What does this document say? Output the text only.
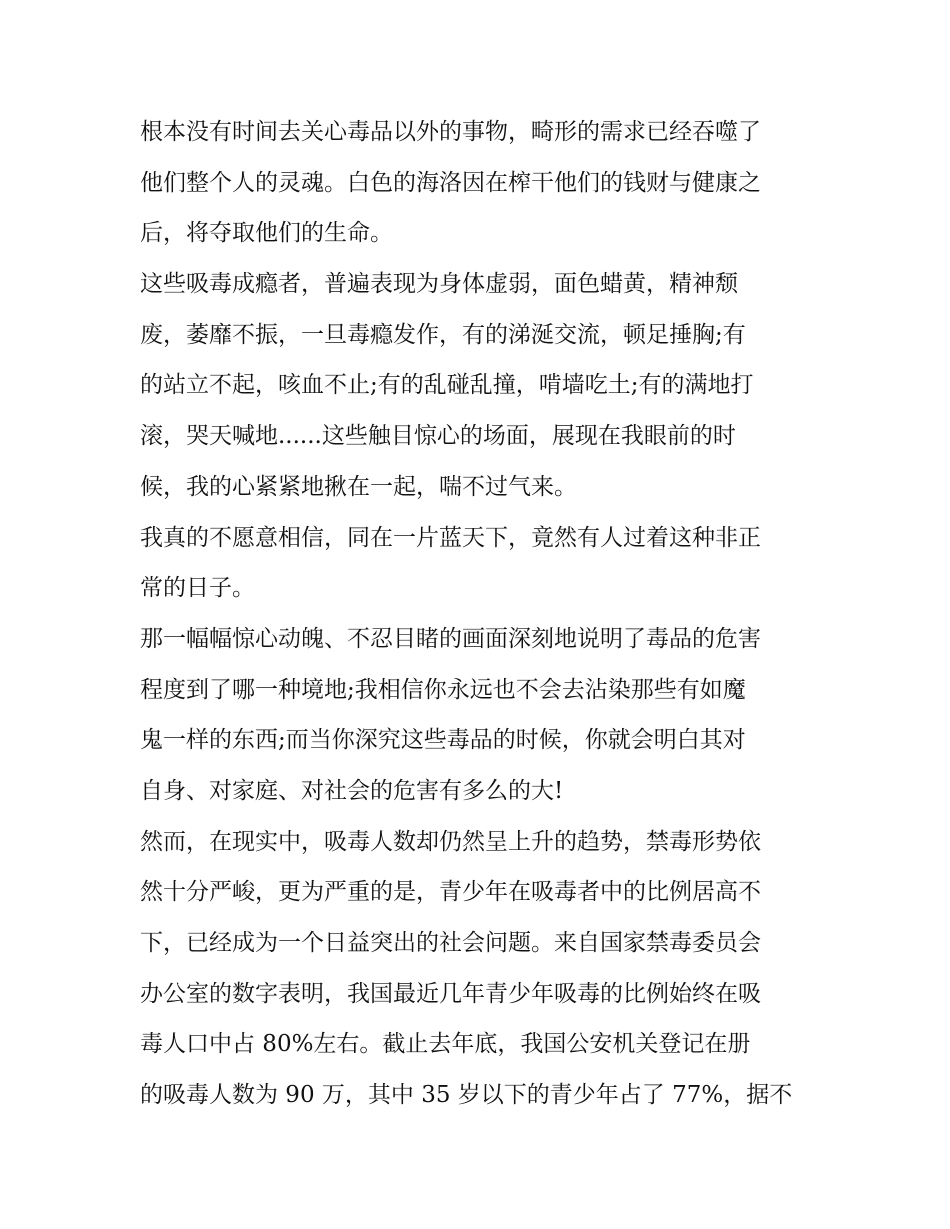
根本没有时间去关心毒品以外的事物，畸形的需求已经吞噬了
他们整个人的灵魂。白色的海洛因在榨干他们的钱财与健康之
后，将夺取他们的生命。
这些吸毒成瘾者，普遍表现为身体虚弱，面色蜡黄，精神颓
废，萎靡不振，一旦毒瘾发作，有的涕涎交流，顿足捶胸;有
的站立不起，咳血不止;有的乱碰乱撞，啃墙吃土;有的满地打
滚，哭天喊地......这些触目惊心的场面，展现在我眼前的时
候，我的心紧紧地揪在一起，喘不过气来。
我真的不愿意相信，同在一片蓝天下，竟然有人过着这种非正
常的日子。
那一幅幅惊心动魄、不忍目睹的画面深刻地说明了毒品的危害
程度到了哪一种境地;我相信你永远也不会去沾染那些有如魔
鬼一样的东西;而当你深究这些毒品的时候，你就会明白其对
自身、对家庭、对社会的危害有多么的大!
然而，在现实中，吸毒人数却仍然呈上升的趋势，禁毒形势依
然十分严峻，更为严重的是，青少年在吸毒者中的比例居高不
下，已经成为一个日益突出的社会问题。来自国家禁毒委员会
办公室的数字表明，我国最近几年青少年吸毒的比例始终在吸
毒人口中占 80%左右。截止去年底，我国公安机关登记在册
的吸毒人数为 90 万，其中 35 岁以下的青少年占了 77%，据不
